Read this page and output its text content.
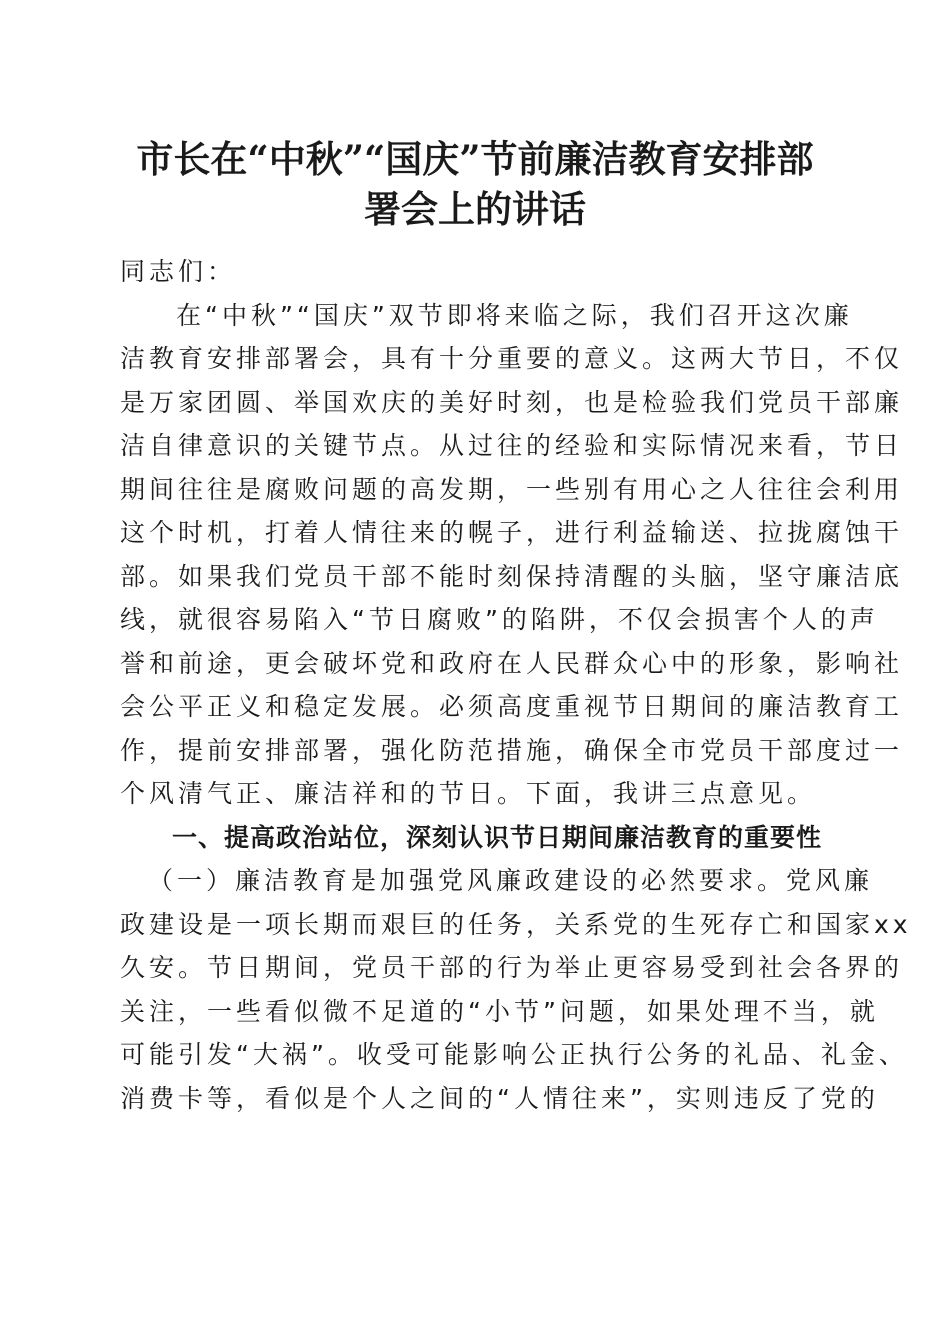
市长在“中秋”“国庆”节前廉洁教育安排部
署会上的讲话
同志们：
在“中秋”“国庆”双节即将来临之际，我们召开这次廉
洁教育安排部署会，具有十分重要的意义。这两大节日，不仅
是万家团圆、举国欢庆的美好时刻，也是检验我们党员干部廉
洁自律意识的关键节点。从过往的经验和实际情况来看，节日
期间往往是腐败问题的高发期，一些别有用心之人往往会利用
这个时机，打着人情往来的幌子，进行利益输送、拉拢腐蚀干
部。如果我们党员干部不能时刻保持清醒的头脑，坚守廉洁底
线，就很容易陷入“节日腐败”的陷阱，不仅会损害个人的声
誉和前途，更会破坏党和政府在人民群众心中的形象，影响社
会公平正义和稳定发展。必须高度重视节日期间的廉洁教育工
作，提前安排部署，强化防范措施，确保全市党员干部度过一
个风清气正、廉洁祥和的节日。下面，我讲三点意见。
一、提高政治站位，深刻认识节日期间廉洁教育的重要性
（一）廉洁教育是加强党风廉政建设的必然要求。党风廉
政建设是一项长期而艰巨的任务，关系党的生死存亡和国家xx
久安。节日期间，党员干部的行为举止更容易受到社会各界的
关注，一些看似微不足道的“小节”问题，如果处理不当，就
可能引发“大祸”。收受可能影响公正执行公务的礼品、礼金、
消费卡等，看似是个人之间的“人情往来”，实则违反了党的
